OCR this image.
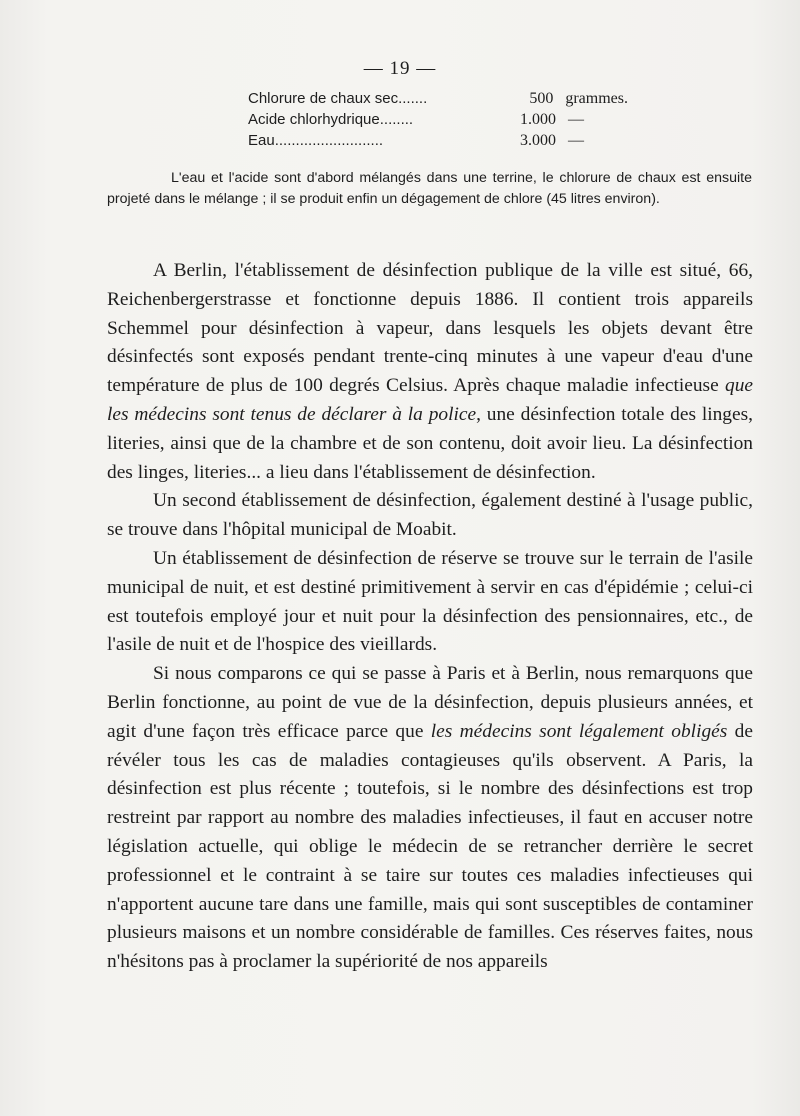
— 19 —
Chlorure de chaux sec.......	500 grammes.
Acide chlorhydrique........	1.000 —
Eau..........................	3.000 —
L'eau et l'acide sont d'abord mélangés dans une terrine, le chlorure de chaux est ensuite projeté dans le mélange ; il se produit enfin un dégagement de chlore (45 litres environ).

A Berlin, l'établissement de désinfection publique de la ville est situé, 66, Reichenbergerstrasse et fonctionne depuis 1886. Il contient trois appareils Schemmel pour désinfection à vapeur, dans lesquels les objets devant être désinfectés sont exposés pendant trente-cinq minutes à une vapeur d'eau d'une température de plus de 100 degrés Celsius. Après chaque maladie infectieuse que les médecins sont tenus de déclarer à la police, une désinfection totale des linges, literies, ainsi que de la chambre et de son contenu, doit avoir lieu. La désinfection des linges, literies... a lieu dans l'établissement de désinfection.

Un second établissement de désinfection, également destiné à l'usage public, se trouve dans l'hôpital municipal de Moabit.

Un établissement de désinfection de réserve se trouve sur le terrain de l'asile municipal de nuit, et est destiné primitivement à servir en cas d'épidémie ; celui-ci est toutefois employé jour et nuit pour la désinfection des pensionnaires, etc., de l'asile de nuit et de l'hospice des vieillards.

Si nous comparons ce qui se passe à Paris et à Berlin, nous remarquons que Berlin fonctionne, au point de vue de la désinfection, depuis plusieurs années, et agit d'une façon très efficace parce que les médecins sont légalement obligés de révéler tous les cas de maladies contagieuses qu'ils observent. A Paris, la désinfection est plus récente ; toutefois, si le nombre des désinfections est trop restreint par rapport au nombre des maladies infectieuses, il faut en accuser notre législation actuelle, qui oblige le médecin de se retrancher derrière le secret professionnel et le contraint à se taire sur toutes ces maladies infectieuses qui n'apportent aucune tare dans une famille, mais qui sont susceptibles de contaminer plusieurs maisons et un nombre considérable de familles. Ces réserves faites, nous n'hésitons pas à proclamer la supériorité de nos appareils
